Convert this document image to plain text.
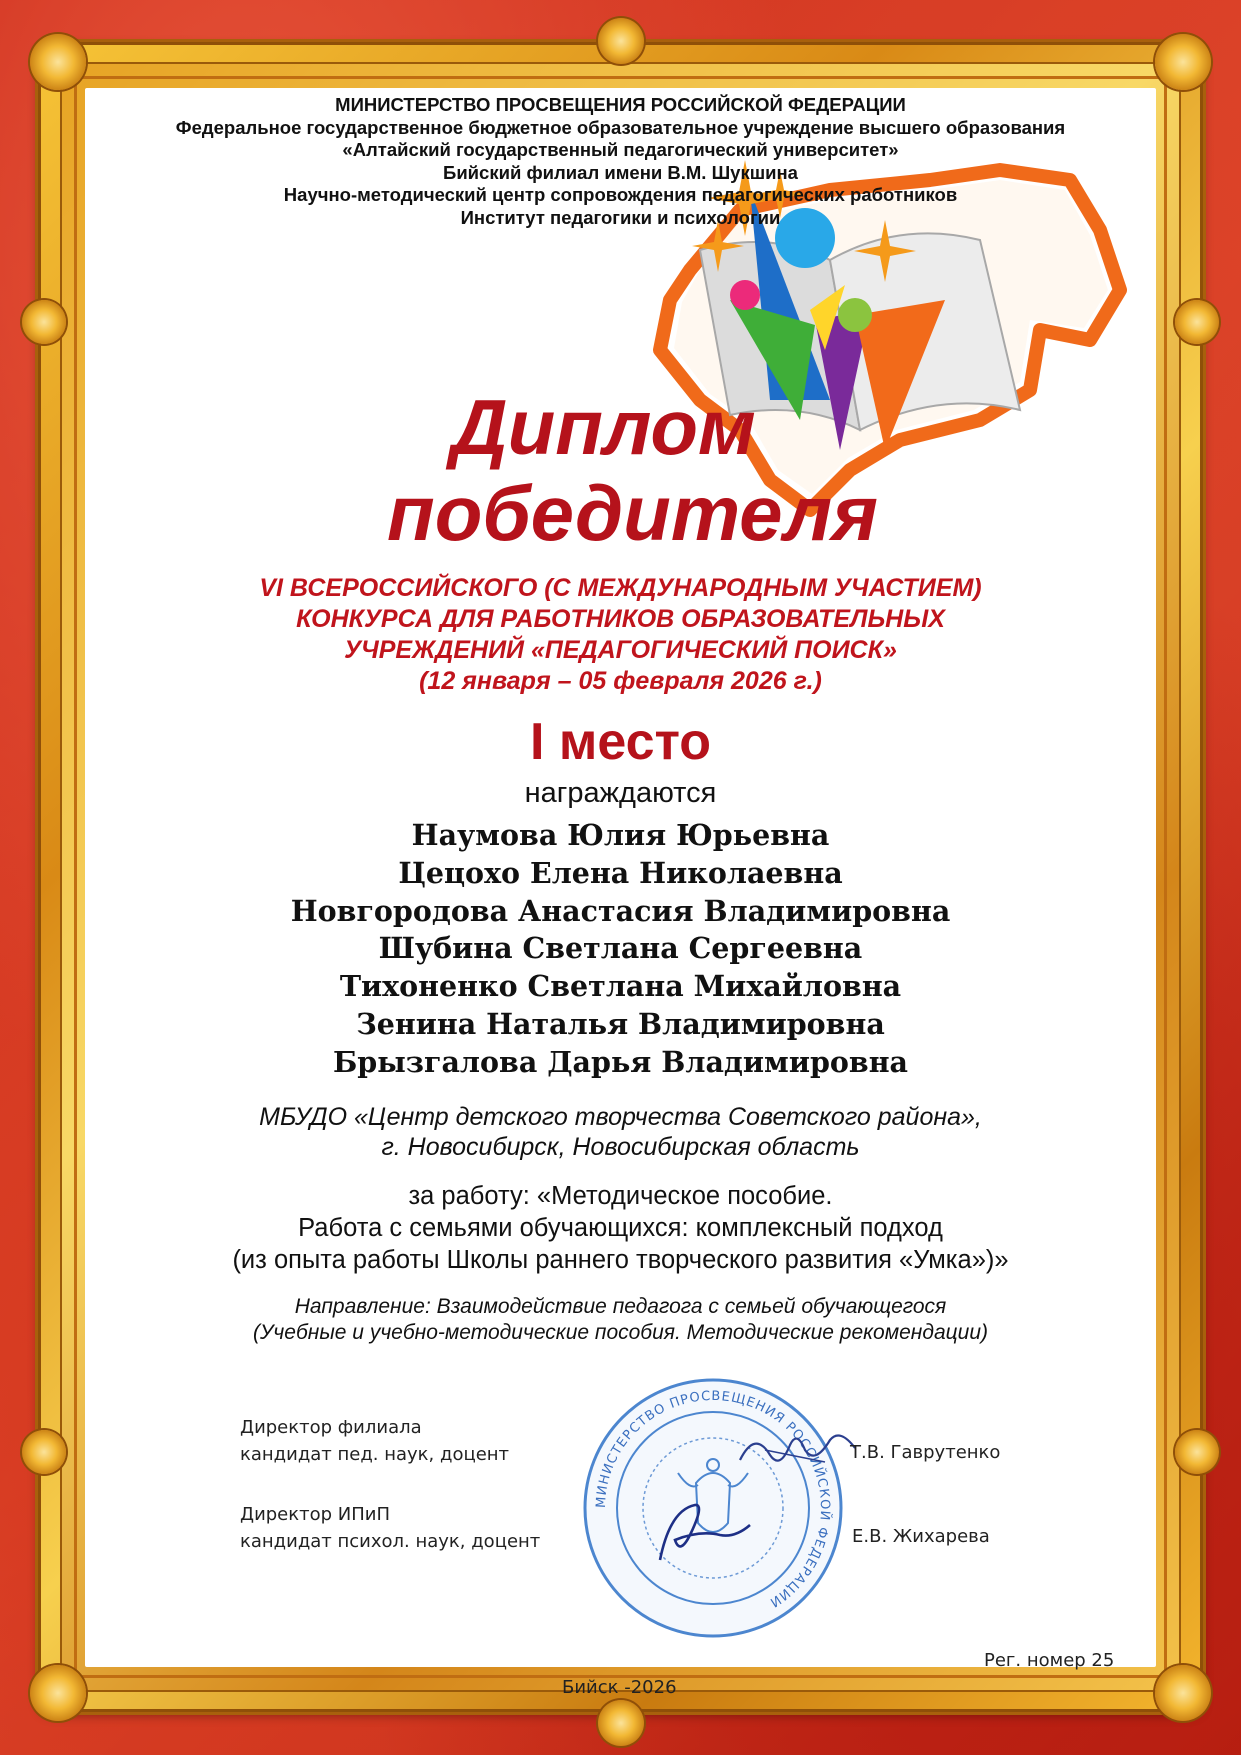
МИНИСТЕРСТВО ПРОСВЕЩЕНИЯ РОССИЙСКОЙ ФЕДЕРАЦИИ
Федеральное государственное бюджетное образовательное учреждение высшего образования
«Алтайский государственный педагогический университет»
Бийский филиал имени В.М. Шукшина
Научно-методический центр сопровождения педагогических работников
Институт педагогики и психологии
Диплом
победителя
VI ВСЕРОССИЙСКОГО (С МЕЖДУНАРОДНЫМ УЧАСТИЕМ)
КОНКУРСА ДЛЯ РАБОТНИКОВ ОБРАЗОВАТЕЛЬНЫХ
УЧРЕЖДЕНИЙ «ПЕДАГОГИЧЕСКИЙ ПОИСК»
(12 января – 05 февраля 2026 г.)
I место
награждаются
Наумова Юлия Юрьевна
Цецохо Елена Николаевна
Новгородова Анастасия Владимировна
Шубина Светлана Сергеевна
Тихоненко Светлана Михайловна
Зенина Наталья Владимировна
Брызгалова Дарья Владимировна
МБУДО «Центр детского творчества Советского района»,
г. Новосибирск, Новосибирская область
за работу: «Методическое пособие.
Работа с семьями обучающихся: комплексный подход
(из опыта работы Школы раннего творческого развития «Умка»)»
Направление: Взаимодействие педагога с семьей обучающегося
(Учебные и учебно-методические пособия. Методические рекомендации)
МИНИСТЕРСТВО ПРОСВЕЩЕНИЯ РОССИЙСКОЙ ФЕДЕРАЦИИ
Директор филиала
кандидат пед. наук, доцент	Т.В. Гаврутенко
Директор ИПиП
кандидат психол. наук, доцент	Е.В. Жихарева
Рег. номер 25
Бийск -2026
